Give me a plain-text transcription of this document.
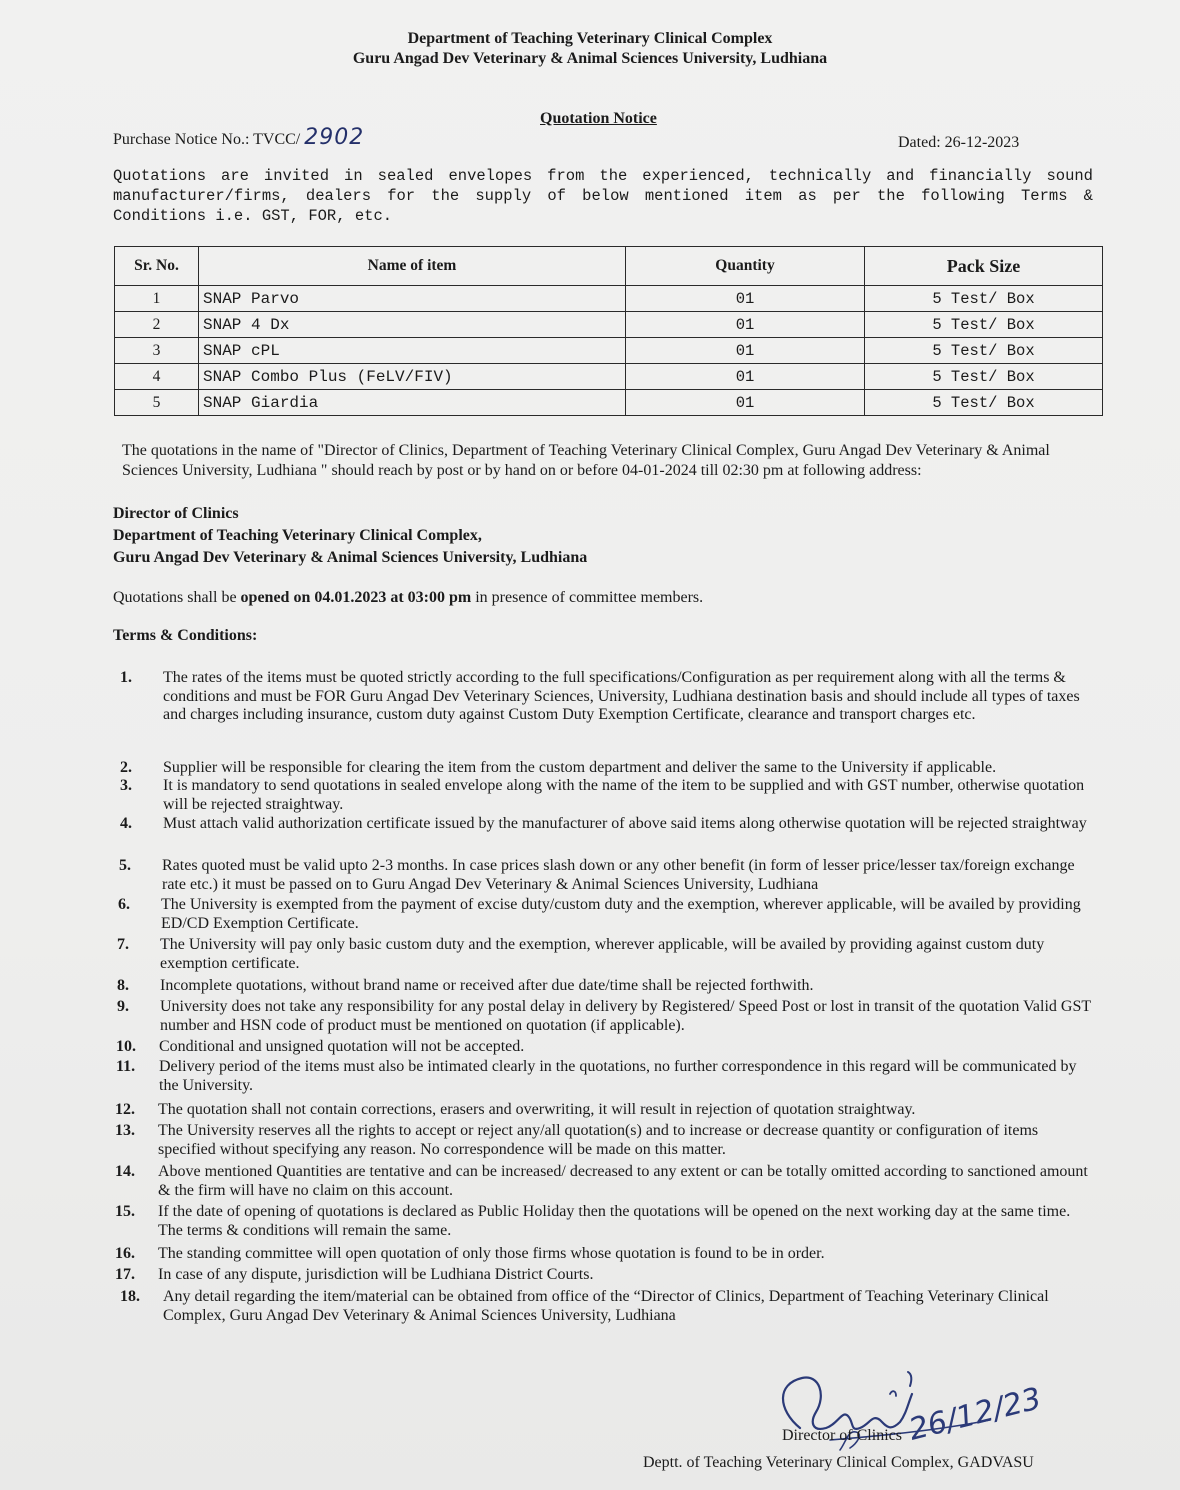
Department of Teaching Veterinary Clinical Complex
Guru Angad Dev Veterinary & Animal Sciences University, Ludhiana
Quotation Notice
Purchase Notice No.: TVCC/ 2902	Dated: 26-12-2023
Quotations are invited in sealed envelopes from the experienced, technically and financially sound manufacturer/firms, dealers for the supply of below mentioned item as per the following Terms & Conditions i.e. GST, FOR, etc.
Sr. No.	Name of item	Quantity	Pack Size
1	SNAP Parvo	01	5 Test/ Box
2	SNAP 4 Dx	01	5 Test/ Box
3	SNAP cPL	01	5 Test/ Box
4	SNAP Combo Plus (FeLV/FIV)	01	5 Test/ Box
5	SNAP Giardia	01	5 Test/ Box
The quotations in the name of "Director of Clinics, Department of Teaching Veterinary Clinical Complex, Guru Angad Dev Veterinary & Animal Sciences University, Ludhiana " should reach by post or by hand on or before 04-01-2024 till 02:30 pm at following address:
Director of Clinics
Department of Teaching Veterinary Clinical Complex,
Guru Angad Dev Veterinary & Animal Sciences University, Ludhiana
Quotations shall be opened on 04.01.2023 at 03:00 pm in presence of committee members.
Terms & Conditions:
1.	The rates of the items must be quoted strictly according to the full specifications/Configuration as per requirement along with all the terms & conditions and must be FOR Guru Angad Dev Veterinary Sciences, University, Ludhiana destination basis and should include all types of taxes and charges including insurance, custom duty against Custom Duty Exemption Certificate, clearance and transport charges etc.
2.	Supplier will be responsible for clearing the item from the custom department and deliver the same to the University if applicable.
3.	It is mandatory to send quotations in sealed envelope along with the name of the item to be supplied and with GST number, otherwise quotation will be rejected straightway.
4.	Must attach valid authorization certificate issued by the manufacturer of above said items along otherwise quotation will be rejected straightway
5.	Rates quoted must be valid upto 2-3 months. In case prices slash down or any other benefit (in form of lesser price/lesser tax/foreign exchange rate etc.) it must be passed on to Guru Angad Dev Veterinary & Animal Sciences University, Ludhiana
6.	The University is exempted from the payment of excise duty/custom duty and the exemption, wherever applicable, will be availed by providing ED/CD Exemption Certificate.
7.	The University will pay only basic custom duty and the exemption, wherever applicable, will be availed by providing against custom duty exemption certificate.
8.	Incomplete quotations, without brand name or received after due date/time shall be rejected forthwith.
9.	University does not take any responsibility for any postal delay in delivery by Registered/ Speed Post or lost in transit of the quotation Valid GST number and HSN code of product must be mentioned on quotation (if applicable).
10.	Conditional and unsigned quotation will not be accepted.
11.	Delivery period of the items must also be intimated clearly in the quotations, no further correspondence in this regard will be communicated by the University.
12.	The quotation shall not contain corrections, erasers and overwriting, it will result in rejection of quotation straightway.
13.	The University reserves all the rights to accept or reject any/all quotation(s) and to increase or decrease quantity or configuration of items specified without specifying any reason. No correspondence will be made on this matter.
14.	Above mentioned Quantities are tentative and can be increased/ decreased to any extent or can be totally omitted according to sanctioned amount & the firm will have no claim on this account.
15.	If the date of opening of quotations is declared as Public Holiday then the quotations will be opened on the next working day at the same time. The terms & conditions will remain the same.
16.	The standing committee will open quotation of only those firms whose quotation is found to be in order.
17.	In case of any dispute, jurisdiction will be Ludhiana District Courts.
18.	Any detail regarding the item/material can be obtained from office of the “Director of Clinics, Department of Teaching Veterinary Clinical Complex, Guru Angad Dev Veterinary & Animal Sciences University, Ludhiana
26/12/23
Director of Clinics
Deptt. of Teaching Veterinary Clinical Complex, GADVASU
